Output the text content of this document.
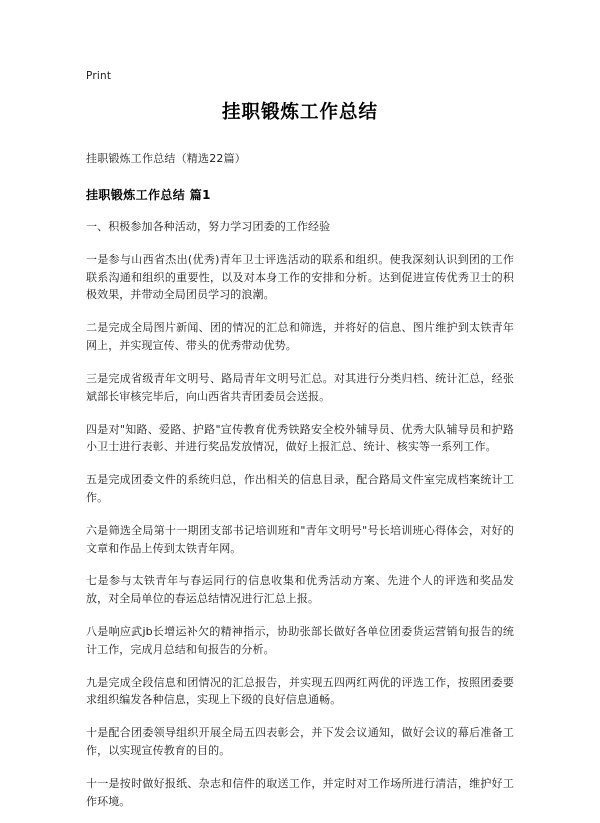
Print
挂职锻炼工作总结

挂职锻炼工作总结（精选22篇）

挂职锻炼工作总结 篇1

一、积极参加各种活动，努力学习团委的工作经验

一是参与山西省杰出(优秀)青年卫士评选活动的联系和组织。使我深刻认识到团的工作联系沟通和组织的重要性，以及对本身工作的安排和分析。达到促进宣传优秀卫士的积极效果，并带动全局团员学习的浪潮。

二是完成全局图片新闻、团的情况的汇总和筛选，并将好的信息、图片维护到太铁青年网上，并实现宣传、带头的优秀带动优势。

三是完成省级青年文明号、路局青年文明号汇总。对其进行分类归档、统计汇总，经张斌部长审核完毕后，向山西省共青团委员会送报。

四是对"知路、爱路、护路"宣传教育优秀铁路安全校外辅导员、优秀大队辅导员和护路小卫士进行表彰、并进行奖品发放情况，做好上报汇总、统计、核实等一系列工作。

五是完成团委文件的系统归总，作出相关的信息目录，配合路局文件室完成档案统计工作。

六是筛选全局第十一期团支部书记培训班和"青年文明号"号长培训班心得体会，对好的文章和作品上传到太铁青年网。

七是参与太铁青年与春运同行的信息收集和优秀活动方案、先进个人的评选和奖品发放，对全局单位的春运总结情况进行汇总上报。

八是响应武jb长增运补欠的精神指示，协助张部长做好各单位团委货运营销旬报告的统计工作，完成月总结和旬报告的分析。

九是完成全段信息和团情况的汇总报告，并实现五四两红两优的评选工作，按照团委要求组织编发各种信息，实现上下级的良好信息通畅。

十是配合团委领导组织开展全局五四表彰会，并下发会议通知，做好会议的幕后准备工作，以实现宣传教育的目的。

十一是按时做好报纸、杂志和信件的取送工作，并定时对工作场所进行清洁，维护好工作环境。
